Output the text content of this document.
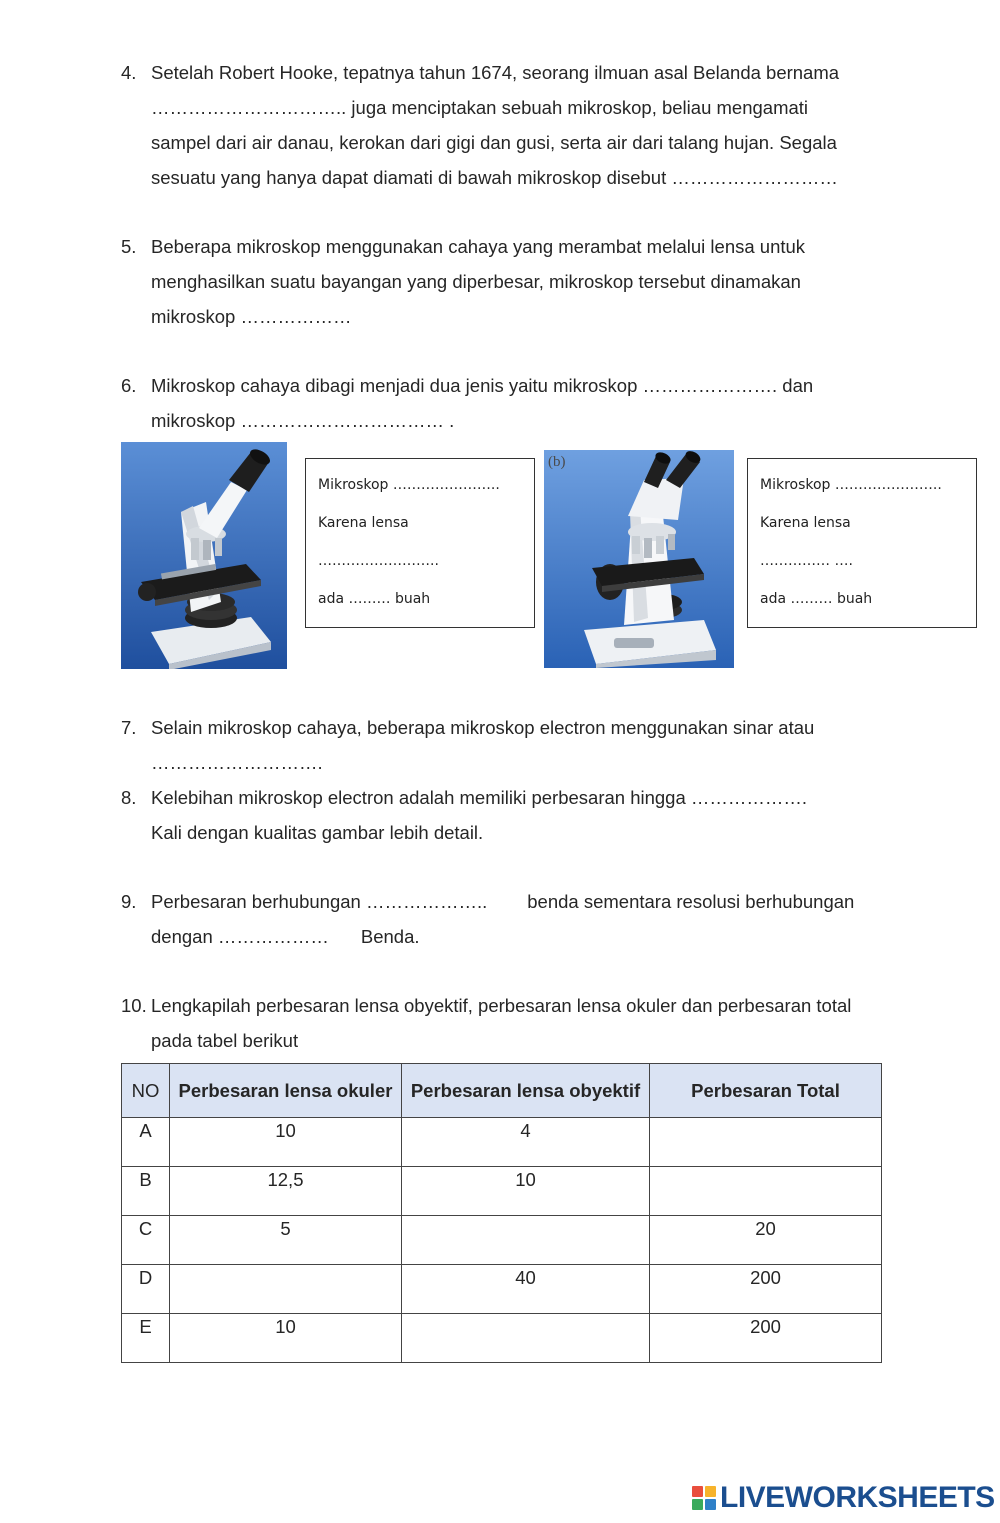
4. Setelah Robert Hooke, tepatnya tahun 1674, seorang ilmuan asal Belanda bernama
………………………….. juga menciptakan sebuah mikroskop, beliau mengamati
sampel dari air danau, kerokan dari gigi dan gusi, serta air dari talang hujan. Segala
sesuatu yang hanya dapat diamati di bawah mikroskop disebut ………………………
5. Beberapa mikroskop menggunakan cahaya yang merambat melalui lensa untuk
menghasilkan suatu bayangan yang diperbesar, mikroskop tersebut dinamakan
mikroskop ………………
6. Mikroskop cahaya dibagi menjadi dua jenis yaitu mikroskop …………………. dan
mikroskop …………………………… .
Mikroskop …………………..
Karena lensa
……………………..
ada ……… buah
(b)
Mikroskop …………………..
Karena lensa
…………… ….
ada ……… buah
7. Selain mikroskop cahaya, beberapa mikroskop electron menggunakan sinar atau
……………………….
8. Kelebihan mikroskop electron adalah memiliki perbesaran hingga ……………….
Kali dengan kualitas gambar lebih detail.
9. Perbesaran berhubungan ……………….. benda sementara resolusi berhubungan
dengan ……………… Benda.
10. Lengkapilah perbesaran lensa obyektif, perbesaran lensa okuler dan perbesaran total
pada tabel berikut
NO	Perbesaran lensa okuler	Perbesaran lensa obyektif	Perbesaran Total
A	10	4	
B	12,5	10	
C	5		20
D		40	200
E	10		200
LIVEWORKSHEETS
